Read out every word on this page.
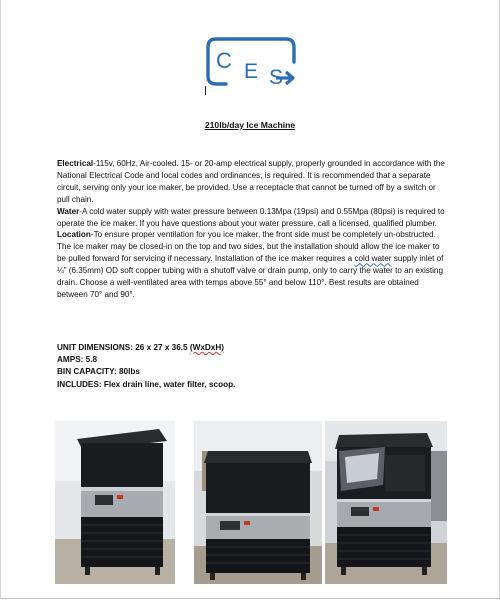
C E S
210lb/day Ice Machine

Electrical-115v, 60Hz, Air-cooled. 15- or 20-amp electrical supply, properly grounded in accordance with the National Electrical Code and local codes and ordinances, is required. It is recommended that a separate circuit, serving only your ice maker, be provided. Use a receptacle that cannot be turned off by a switch or pull chain.

Water-A cold water supply with water pressure between 0.13Mpa (19psi) and 0.55Mpa (80psi) is required to operate the ice maker. If you have questions about your water pressure, call a licensed, qualified plumber.

Location-To ensure proper ventilation for you ice maker, the front side must be completely un-obstructed. The ice maker may be closed-in on the top and two sides, but the installation should allow the ice maker to be pulled forward for servicing if necessary. Installation of the ice maker requires a cold water supply inlet of ¼” (6.35mm) OD soft copper tubing with a shutoff valve or drain pump, only to carry the water to an existing drain. Choose a well-ventilated area with temps above 55° and below 110°. Best results are obtained between 70° and 90°.

UNIT DIMENSIONS: 26 x 27 x 36.5 (WxDxH)

AMPS: 5.8

BIN CAPACITY: 80lbs

INCLUDES: Flex drain line, water filter, scoop.
